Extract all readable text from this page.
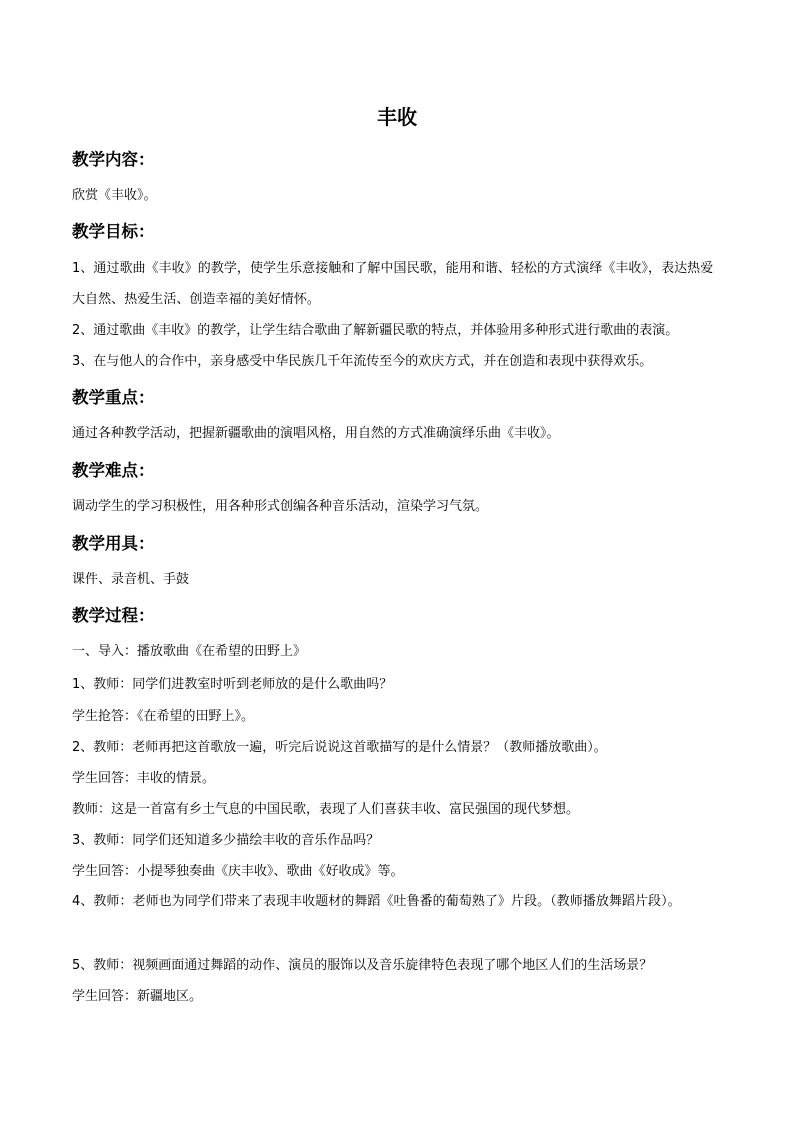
丰收
教学内容：
欣赏《丰收》。
教学目标：
1、通过歌曲《丰收》的教学，使学生乐意接触和了解中国民歌，能用和谐、轻松的方式演绎《丰收》，表达热爱大自然、热爱生活、创造幸福的美好情怀。
2、通过歌曲《丰收》的教学，让学生结合歌曲了解新疆民歌的特点，并体验用多种形式进行歌曲的表演。
3、在与他人的合作中，亲身感受中华民族几千年流传至今的欢庆方式，并在创造和表现中获得欢乐。
教学重点：
通过各种教学活动，把握新疆歌曲的演唱风格，用自然的方式准确演绎乐曲《丰收》。
教学难点：
调动学生的学习积极性，用各种形式创编各种音乐活动，渲染学习气氛。
教学用具：
课件、录音机、手鼓
教学过程：
一、导入：播放歌曲《在希望的田野上》
1、教师：同学们进教室时听到老师放的是什么歌曲吗？
学生抢答：《在希望的田野上》。
2、教师：老师再把这首歌放一遍，听完后说说这首歌描写的是什么情景？（教师播放歌曲）。
学生回答：丰收的情景。
教师：这是一首富有乡土气息的中国民歌，表现了人们喜获丰收、富民强国的现代梦想。
3、教师：同学们还知道多少描绘丰收的音乐作品吗？
学生回答：小提琴独奏曲《庆丰收》、歌曲《好收成》等。
4、教师：老师也为同学们带来了表现丰收题材的舞蹈《吐鲁番的葡萄熟了》片段。（教师播放舞蹈片段）。
5、教师：视频画面通过舞蹈的动作、演员的服饰以及音乐旋律特色表现了哪个地区人们的生活场景？
学生回答：新疆地区。
